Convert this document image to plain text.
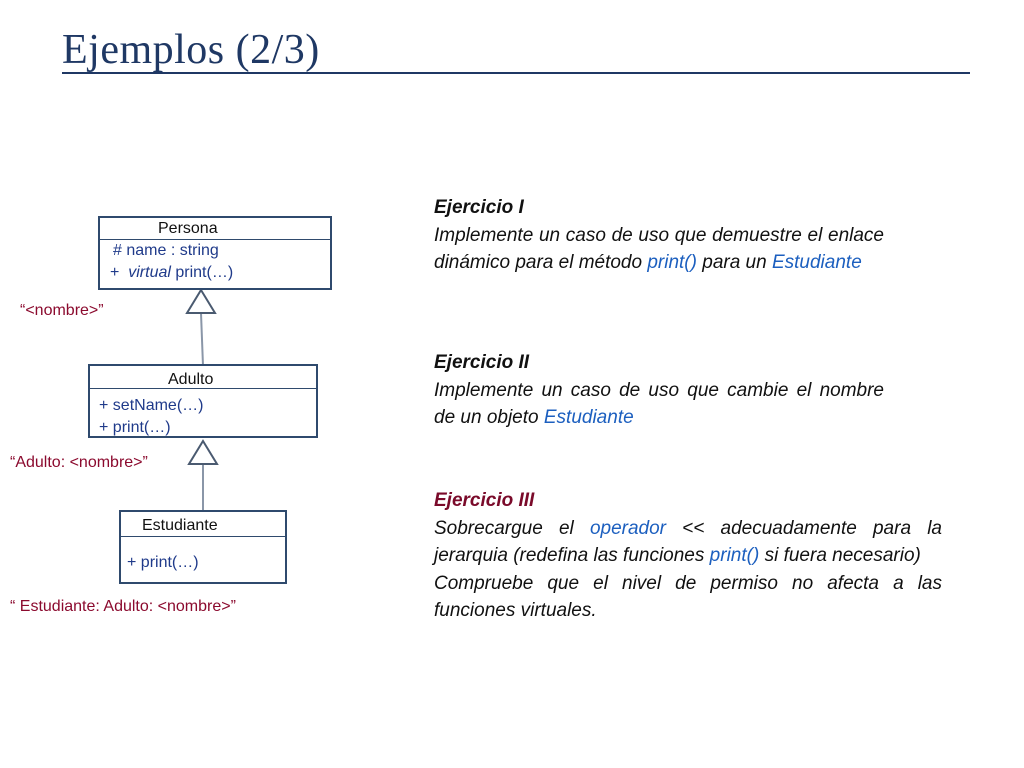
Ejemplos (2/3)
Persona
# name : string
+ virtual print(…)
“<nombre>”
Adulto
+ setName(…)
+ print(…)
“Adulto: <nombre>”
Estudiante
+ print(…)
“ Estudiante: Adulto: <nombre>”
Ejercicio I
Implemente un caso de uso que demuestre el enlace dinámico para el método print() para un Estudiante
Ejercicio II
Implemente un caso de uso que cambie el nombre de un objeto Estudiante
Ejercicio III
Sobrecargue el operador << adecuadamente para la jerarquia (redefina las funciones print() si fuera necesario)
Compruebe que el nivel de permiso no afecta a las funciones virtuales.
